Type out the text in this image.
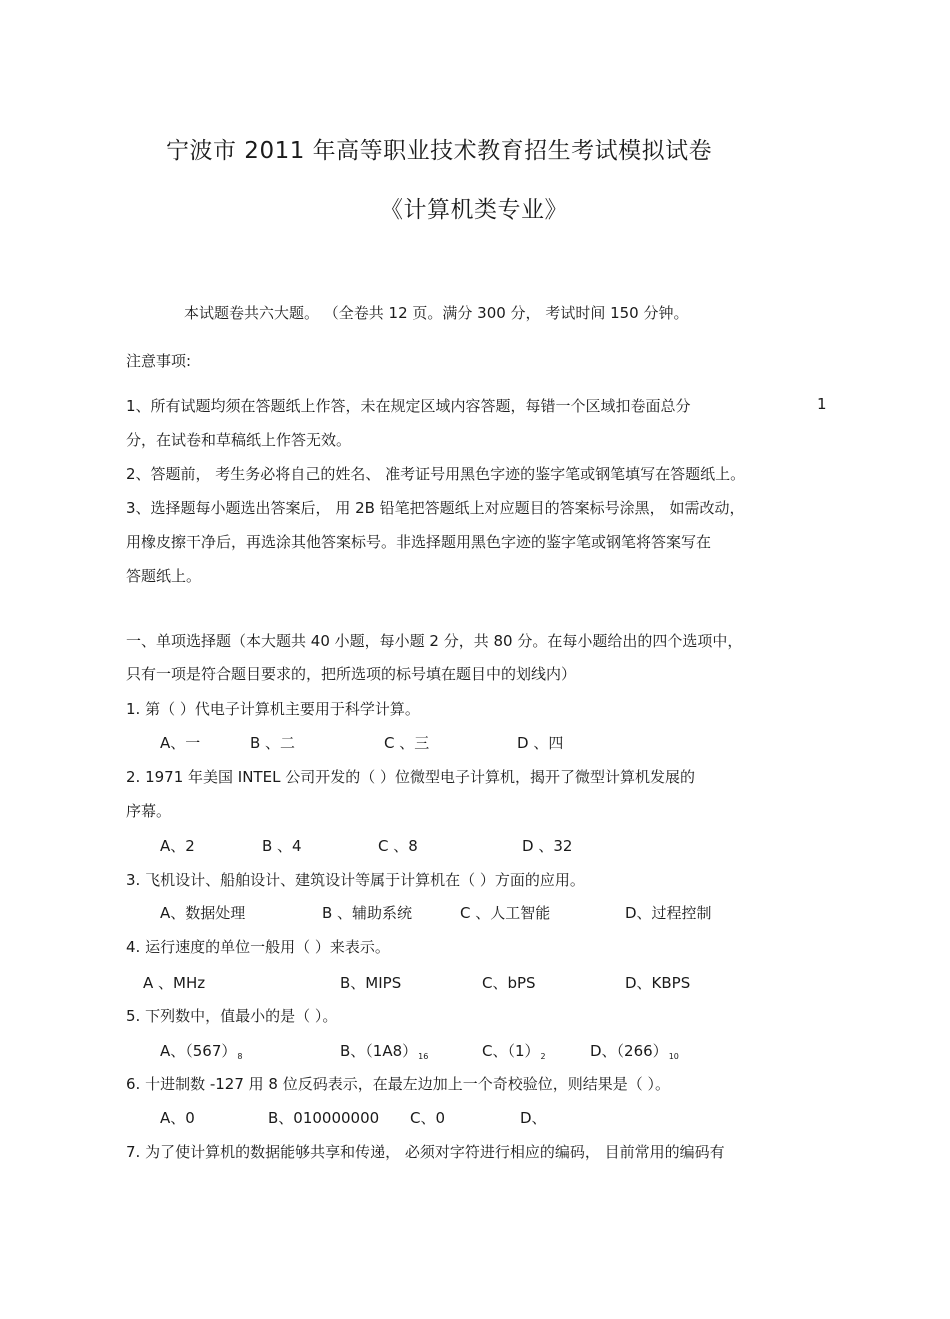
宁波市 2011 年高等职业技术教育招生考试模拟试卷
《计算机类专业》
本试题卷共六大题。 （全卷共 12 页。满分 300 分， 考试时间 150 分钟。
注意事项:
1、所有试题均须在答题纸上作答，未在规定区域内容答题，每错一个区域扣卷面总分	1
分，在试卷和草稿纸上作答无效。
2、答题前， 考生务必将自己的姓名、 准考证号用黑色字迹的鉴字笔或钢笔填写在答题纸上。
3、选择题每小题选出答案后， 用 2B 铅笔把答题纸上对应题目的答案标号涂黑， 如需改动，
用橡皮擦干净后，再选涂其他答案标号。非选择题用黑色字迹的鉴字笔或钢笔将答案写在
答题纸上。
一、单项选择题（本大题共 40 小题，每小题 2 分，共 80 分。在每小题给出的四个选项中，
只有一项是符合题目要求的，把所选项的标号填在题目中的划线内）
1. 第（ ）代电子计算机主要用于科学计算。
A、一	B 、二	C 、三	D 、四
2. 1971 年美国 INTEL 公司开发的（ ）位微型电子计算机，揭开了微型计算机发展的
序幕。
A、2	B 、4	C 、8	D 、32
3. 飞机设计、船舶设计、建筑设计等属于计算机在（ ）方面的应用。
A、数据处理	B 、辅助系统	C 、人工智能	D、过程控制
4. 运行速度的单位一般用（ ）来表示。
A 、MHz	B、MIPS	C、bPS	D、KBPS
5. 下列数中，值最小的是（ ）。
A、$(567)_8$	B、$(1A8)_{16}$	C、$(1)_2$	D、$(266)_{10}$
6. 十进制数 -127 用 8 位反码表示，在最左边加上一个奇校验位，则结果是（ ）。
A、0	B、010000000 C、0	D、
7. 为了使计算机的数据能够共享和传递， 必须对字符进行相应的编码， 目前常用的编码有
